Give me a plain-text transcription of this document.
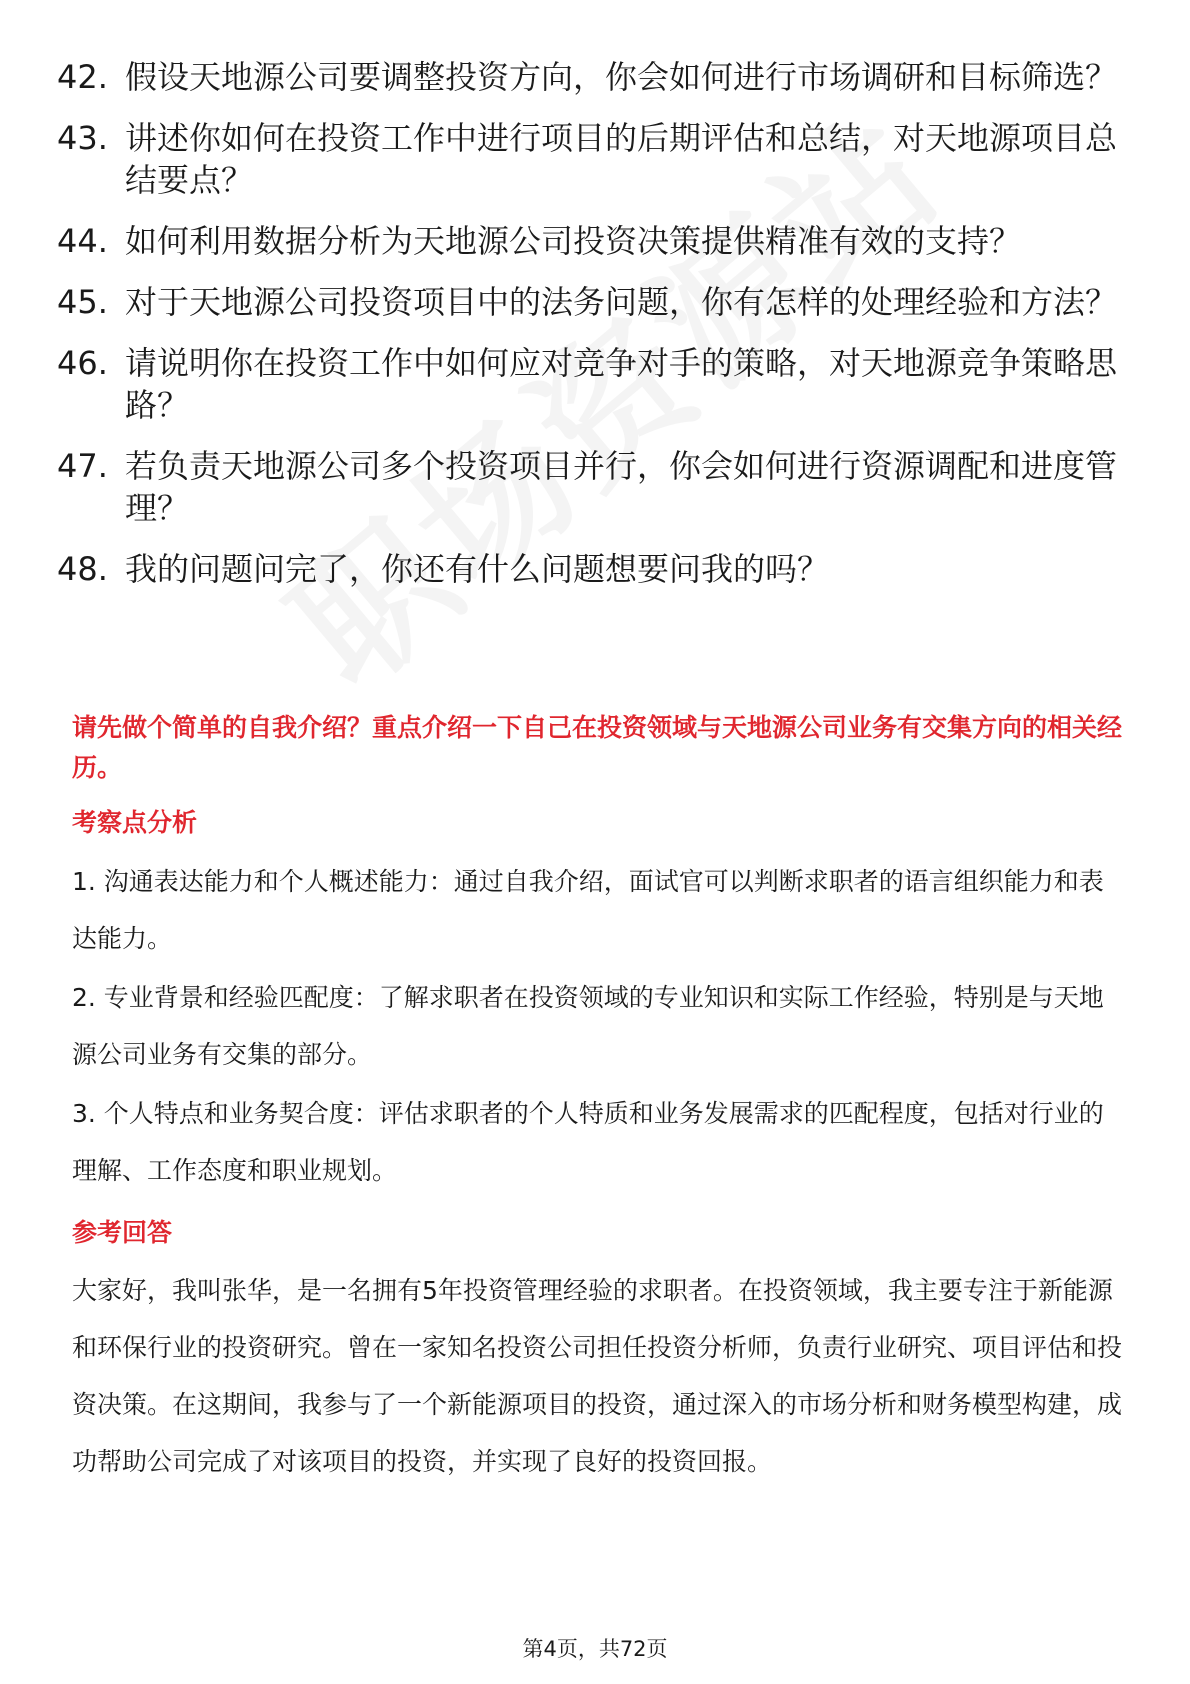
42. 假设天地源公司要调整投资方向，你会如何进行市场调研和目标筛选？
43. 讲述你如何在投资工作中进行项目的后期评估和总结，对天地源项目总结要点？
44. 如何利用数据分析为天地源公司投资决策提供精准有效的支持？
45. 对于天地源公司投资项目中的法务问题，你有怎样的处理经验和方法？
46. 请说明你在投资工作中如何应对竞争对手的策略，对天地源竞争策略思路？
47. 若负责天地源公司多个投资项目并行，你会如何进行资源调配和进度管理？
48. 我的问题问完了，你还有什么问题想要问我的吗？
请先做个简单的自我介绍？重点介绍一下自己在投资领域与天地源公司业务有交集方向的相关经历。
考察点分析
1. 沟通表达能力和个人概述能力：通过自我介绍，面试官可以判断求职者的语言组织能力和表达能力。
2. 专业背景和经验匹配度：了解求职者在投资领域的专业知识和实际工作经验，特别是与天地源公司业务有交集的部分。
3. 个人特点和业务契合度：评估求职者的个人特质和业务发展需求的匹配程度，包括对行业的理解、工作态度和职业规划。
参考回答
大家好，我叫张华，是一名拥有5年投资管理经验的求职者。在投资领域，我主要专注于新能源和环保行业的投资研究。曾在一家知名投资公司担任投资分析师，负责行业研究、项目评估和投资决策。在这期间，我参与了一个新能源项目的投资，通过深入的市场分析和财务模型构建，成功帮助公司完成了对该项目的投资，并实现了良好的投资回报。
第4页，共72页
